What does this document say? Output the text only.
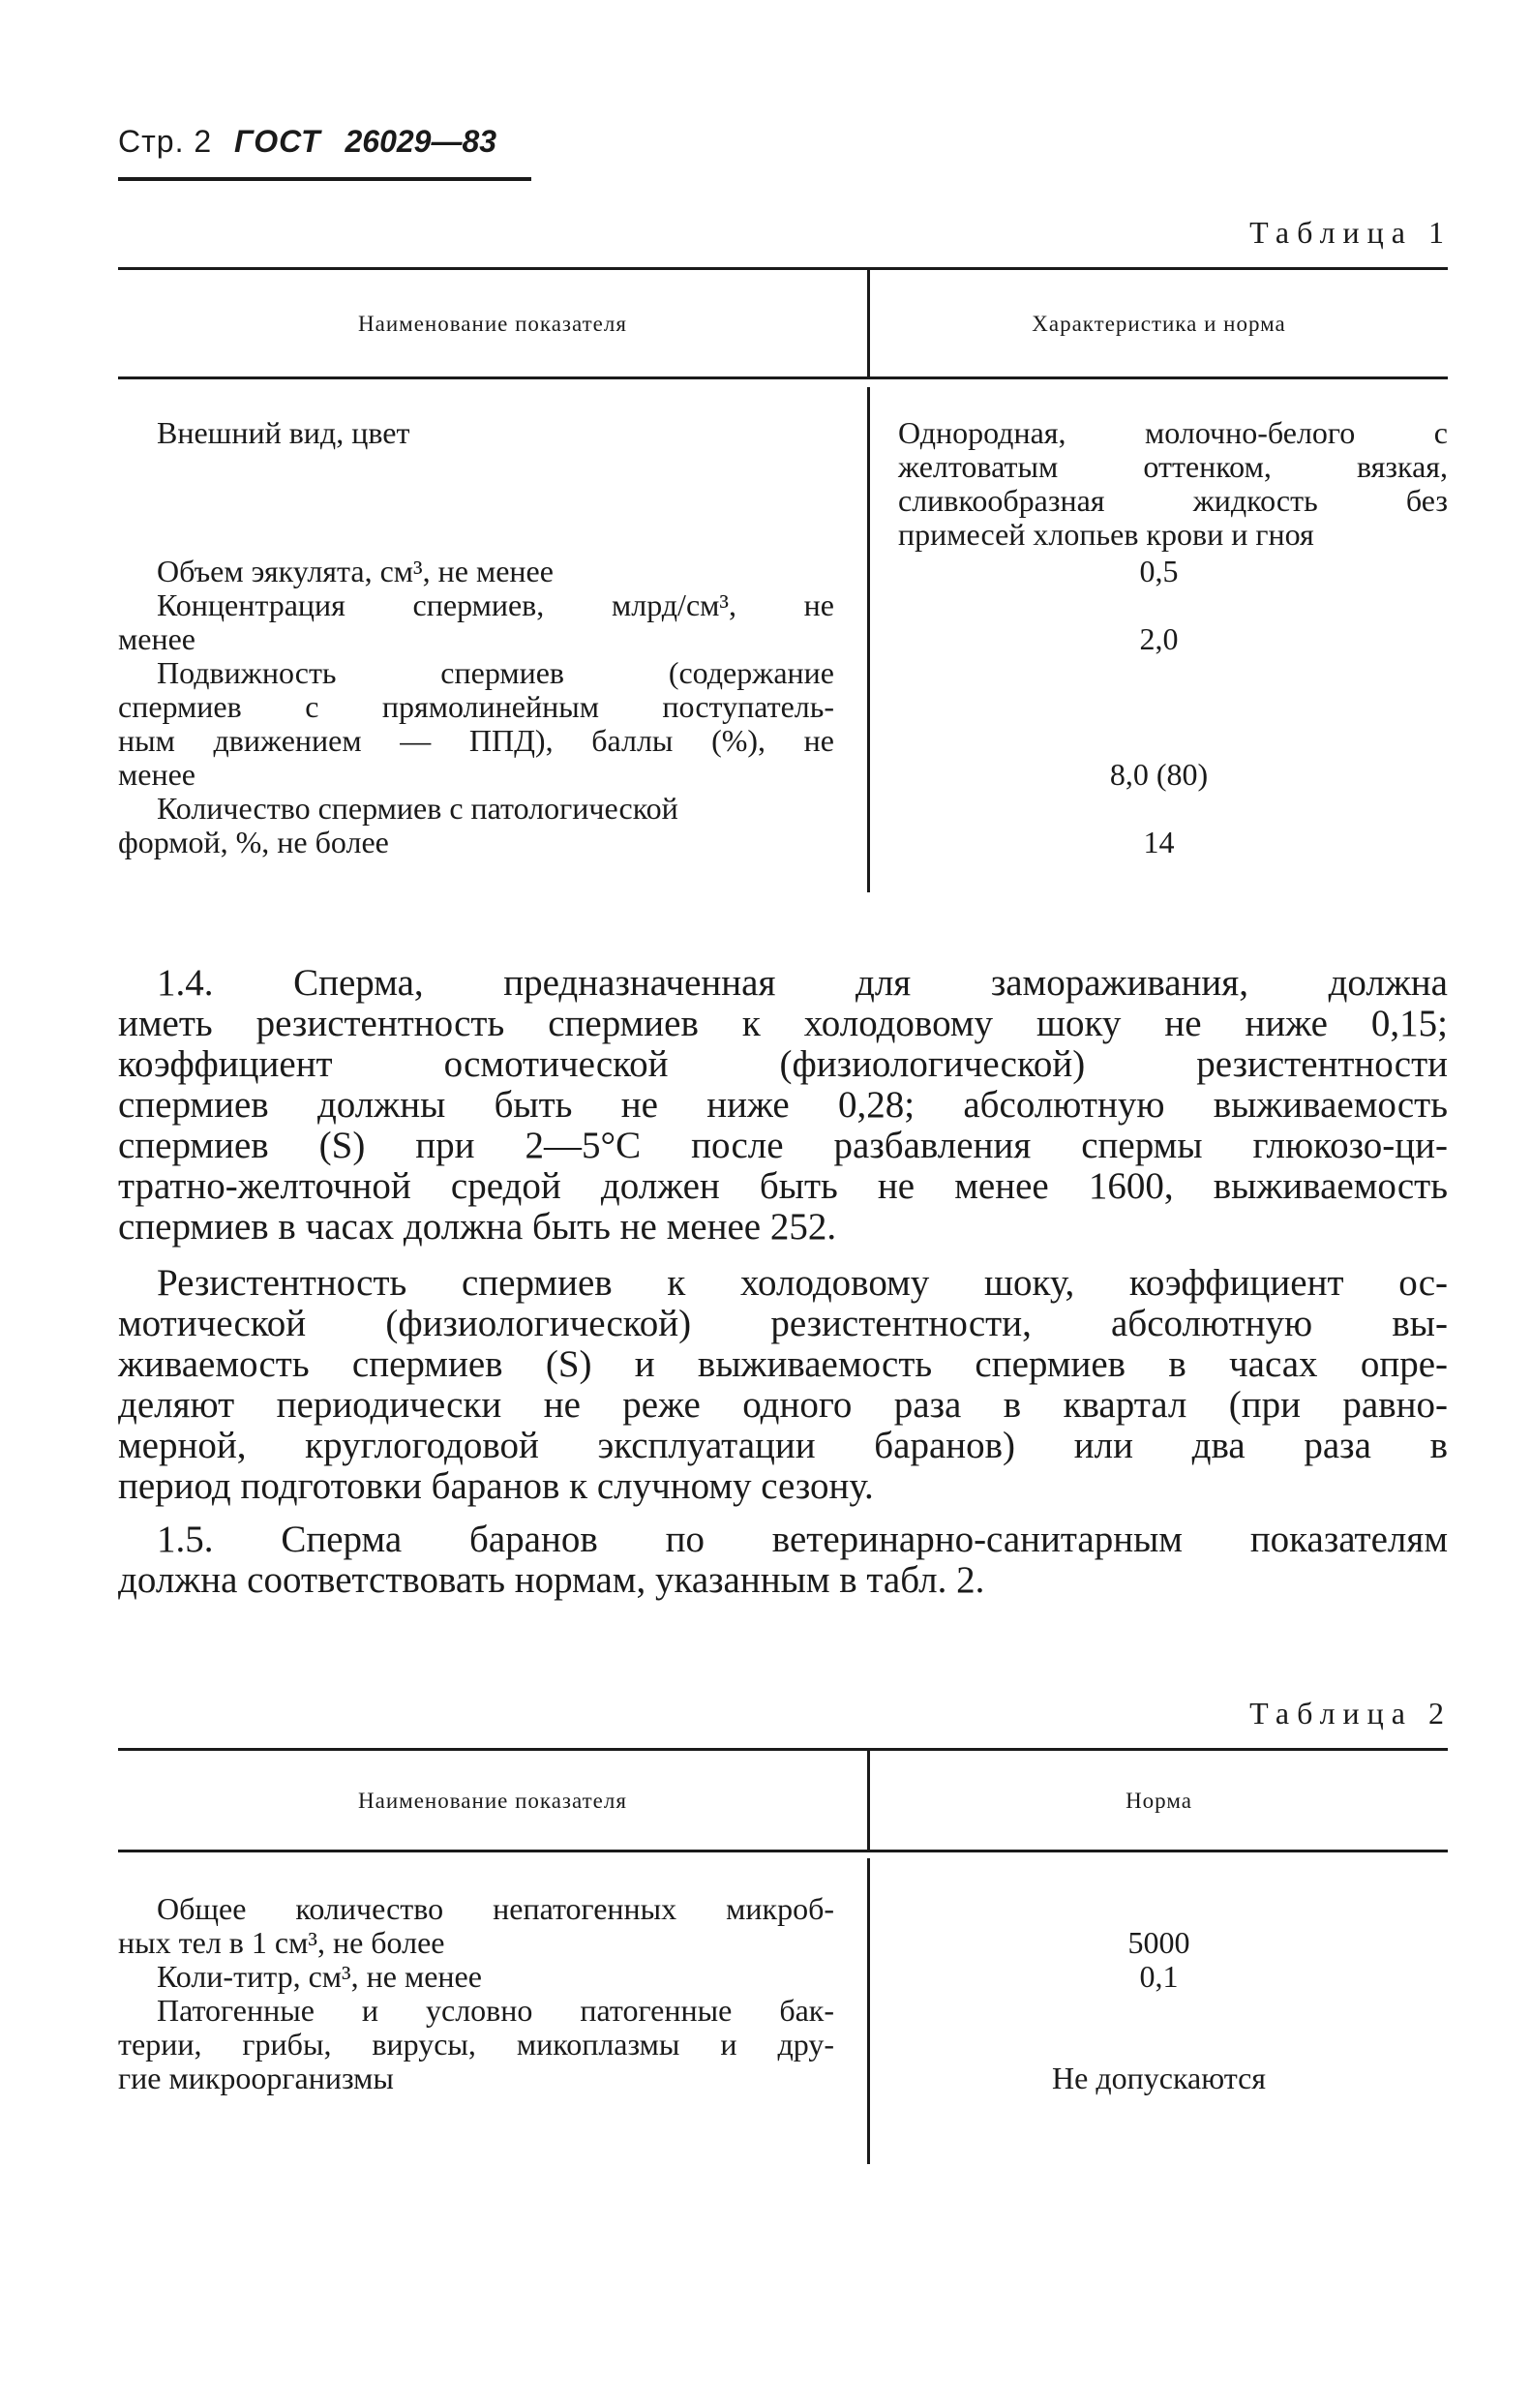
Стр. 2 ГОСТ 26029—83
Таблица 1
Наименование показателя	Характеристика и норма
Внешний вид, цвет	Однородная, молочно-белого с
желтоватым оттенком, вязкая,
сливкообразная жидкость без
примесей хлопьев крови и гноя
Объем эякулята, см³, не менее	0,5
Концентрация спермиев, млрд/см³, не
менее	2,0
Подвижность спермиев (содержание
спермиев с прямолинейным поступатель-
ным движением — ППД), баллы (%), не
менее	8,0 (80)
Количество спермиев с патологической
формой, %, не более	14
1.4. Сперма, предназначенная для замораживания, должна
иметь резистентность спермиев к холодовому шоку не ниже 0,15;
коэффициент осмотической (физиологической) резистентности
спермиев должны быть не ниже 0,28; абсолютную выживаемость
спермиев (S) при 2—5°C после разбавления спермы глюкозо-ци-
тратно-желточной средой должен быть не менее 1600, выживаемость
спермиев в часах должна быть не менее 252.
Резистентность спермиев к холодовому шоку, коэффициент ос-
мотической (физиологической) резистентности, абсолютную вы-
живаемость спермиев (S) и выживаемость спермиев в часах опре-
деляют периодически не реже одного раза в квартал (при равно-
мерной, круглогодовой эксплуатации баранов) или два раза в
период подготовки баранов к случному сезону.
1.5. Сперма баранов по ветеринарно-санитарным показателям
должна соответствовать нормам, указанным в табл. 2.
Таблица 2
Наименование показателя	Норма
Общее количество непатогенных микроб-
ных тел в 1 см³, не более	5000
Коли-титр, см³, не менее	0,1
Патогенные и условно патогенные бак-
терии, грибы, вирусы, микоплазмы и дру-
гие микроорганизмы	Не допускаются
